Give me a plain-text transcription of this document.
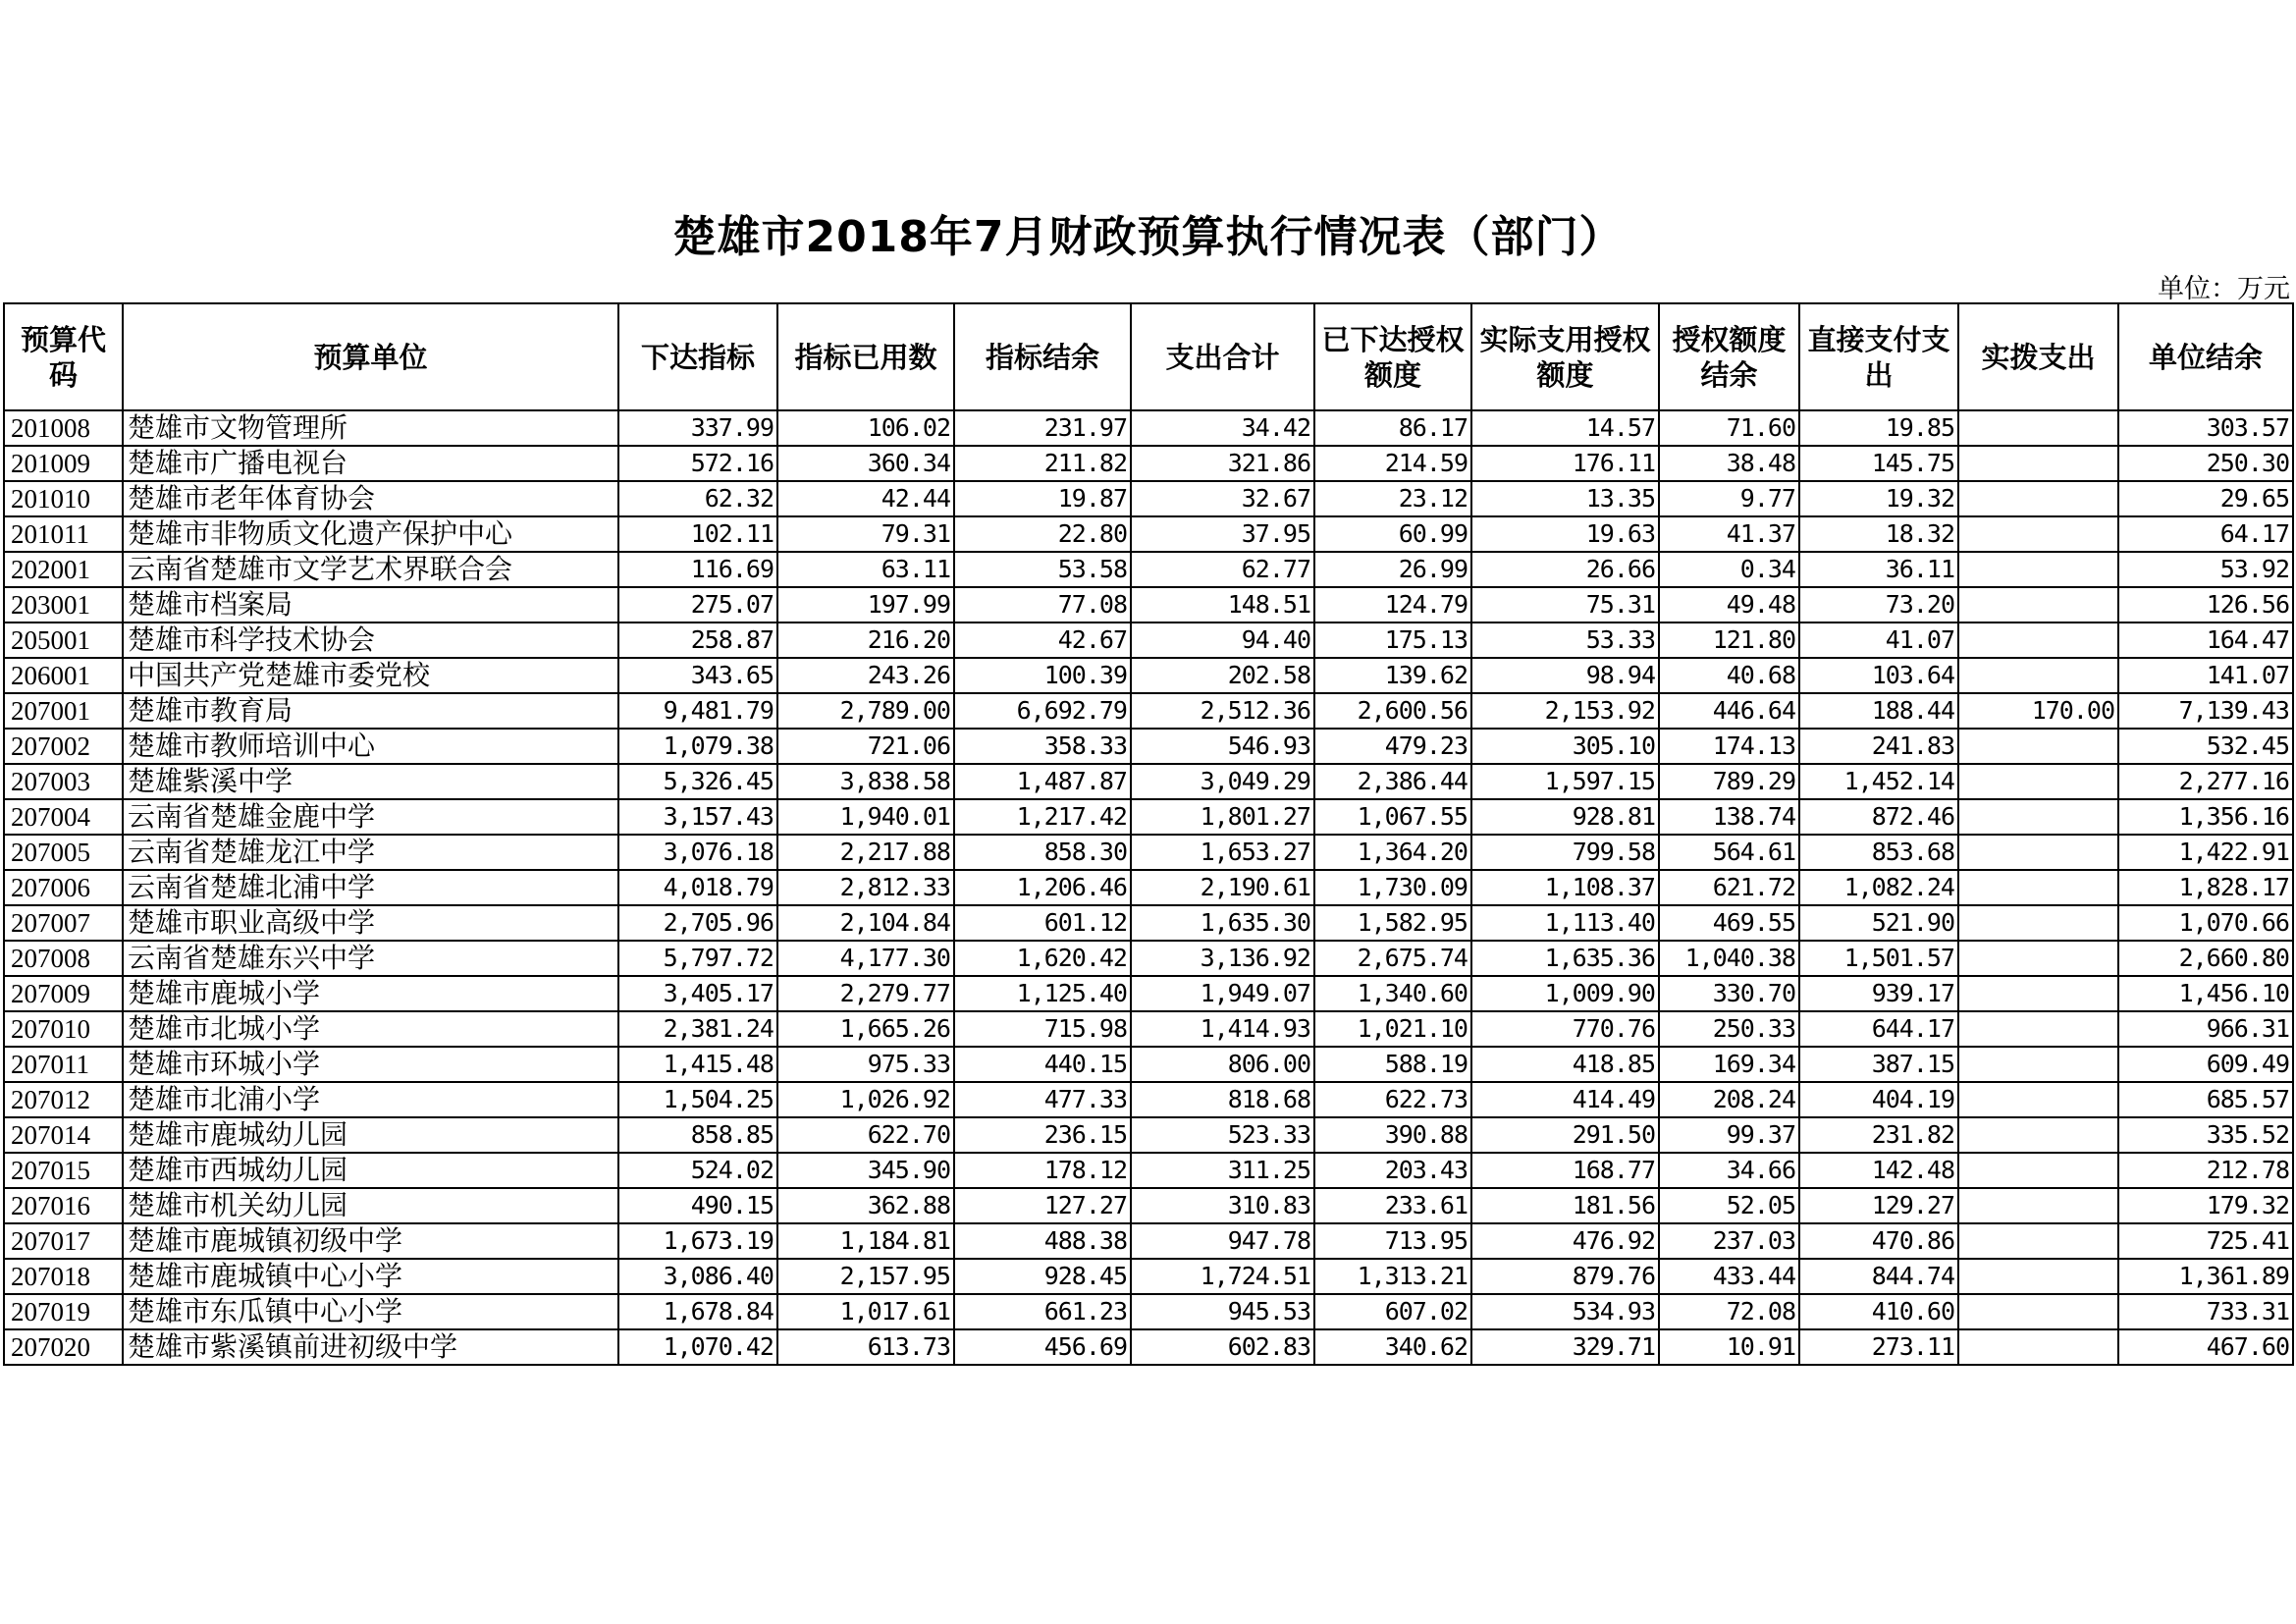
楚雄市2018年7月财政预算执行情况表（部门）
单位：万元
预算代码	预算单位	下达指标	指标已用数	指标结余	支出合计	已下达授权额度	实际支用授权额度	授权额度结余	直接支付支出	实拨支出	单位结余
201008	楚雄市文物管理所	337.99	106.02	231.97	34.42	86.17	14.57	71.60	19.85		303.57
201009	楚雄市广播电视台	572.16	360.34	211.82	321.86	214.59	176.11	38.48	145.75		250.30
201010	楚雄市老年体育协会	62.32	42.44	19.87	32.67	23.12	13.35	9.77	19.32		29.65
201011	楚雄市非物质文化遗产保护中心	102.11	79.31	22.80	37.95	60.99	19.63	41.37	18.32		64.17
202001	云南省楚雄市文学艺术界联合会	116.69	63.11	53.58	62.77	26.99	26.66	0.34	36.11		53.92
203001	楚雄市档案局	275.07	197.99	77.08	148.51	124.79	75.31	49.48	73.20		126.56
205001	楚雄市科学技术协会	258.87	216.20	42.67	94.40	175.13	53.33	121.80	41.07		164.47
206001	中国共产党楚雄市委党校	343.65	243.26	100.39	202.58	139.62	98.94	40.68	103.64		141.07
207001	楚雄市教育局	9,481.79	2,789.00	6,692.79	2,512.36	2,600.56	2,153.92	446.64	188.44	170.00	7,139.43
207002	楚雄市教师培训中心	1,079.38	721.06	358.33	546.93	479.23	305.10	174.13	241.83		532.45
207003	楚雄紫溪中学	5,326.45	3,838.58	1,487.87	3,049.29	2,386.44	1,597.15	789.29	1,452.14		2,277.16
207004	云南省楚雄金鹿中学	3,157.43	1,940.01	1,217.42	1,801.27	1,067.55	928.81	138.74	872.46		1,356.16
207005	云南省楚雄龙江中学	3,076.18	2,217.88	858.30	1,653.27	1,364.20	799.58	564.61	853.68		1,422.91
207006	云南省楚雄北浦中学	4,018.79	2,812.33	1,206.46	2,190.61	1,730.09	1,108.37	621.72	1,082.24		1,828.17
207007	楚雄市职业高级中学	2,705.96	2,104.84	601.12	1,635.30	1,582.95	1,113.40	469.55	521.90		1,070.66
207008	云南省楚雄东兴中学	5,797.72	4,177.30	1,620.42	3,136.92	2,675.74	1,635.36	1,040.38	1,501.57		2,660.80
207009	楚雄市鹿城小学	3,405.17	2,279.77	1,125.40	1,949.07	1,340.60	1,009.90	330.70	939.17		1,456.10
207010	楚雄市北城小学	2,381.24	1,665.26	715.98	1,414.93	1,021.10	770.76	250.33	644.17		966.31
207011	楚雄市环城小学	1,415.48	975.33	440.15	806.00	588.19	418.85	169.34	387.15		609.49
207012	楚雄市北浦小学	1,504.25	1,026.92	477.33	818.68	622.73	414.49	208.24	404.19		685.57
207014	楚雄市鹿城幼儿园	858.85	622.70	236.15	523.33	390.88	291.50	99.37	231.82		335.52
207015	楚雄市西城幼儿园	524.02	345.90	178.12	311.25	203.43	168.77	34.66	142.48		212.78
207016	楚雄市机关幼儿园	490.15	362.88	127.27	310.83	233.61	181.56	52.05	129.27		179.32
207017	楚雄市鹿城镇初级中学	1,673.19	1,184.81	488.38	947.78	713.95	476.92	237.03	470.86		725.41
207018	楚雄市鹿城镇中心小学	3,086.40	2,157.95	928.45	1,724.51	1,313.21	879.76	433.44	844.74		1,361.89
207019	楚雄市东瓜镇中心小学	1,678.84	1,017.61	661.23	945.53	607.02	534.93	72.08	410.60		733.31
207020	楚雄市紫溪镇前进初级中学	1,070.42	613.73	456.69	602.83	340.62	329.71	10.91	273.11		467.60
